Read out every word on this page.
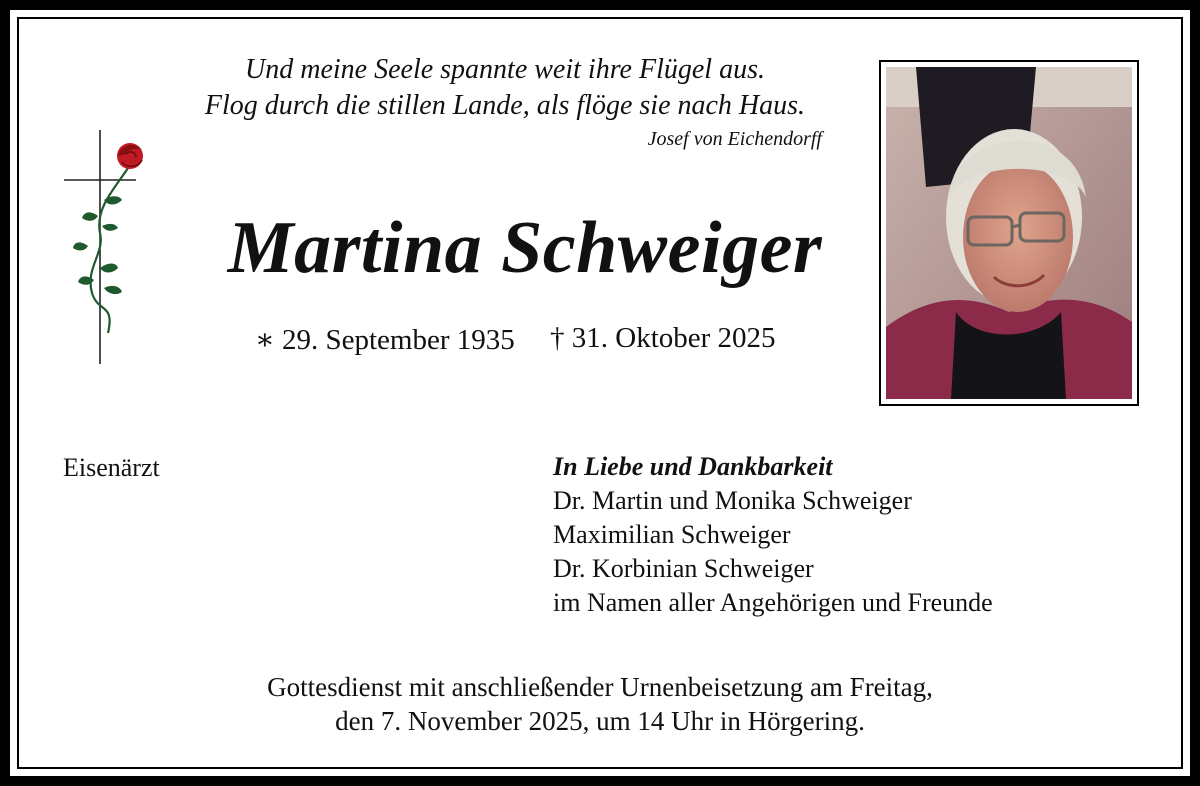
Und meine Seele spannte weit ihre Flügel aus.
Flog durch die stillen Lande, als flöge sie nach Haus.
Josef von Eichendorff
Martina Schweiger
∗ 29. September 1935 † 31. Oktober 2025
Eisenärzt	In Liebe und Dankbarkeit
Dr. Martin und Monika Schweiger
Maximilian Schweiger
Dr. Korbinian Schweiger
im Namen aller Angehörigen und Freunde
Gottesdienst mit anschließender Urnenbeisetzung am Freitag,
den 7. November 2025, um 14 Uhr in Hörgering.
